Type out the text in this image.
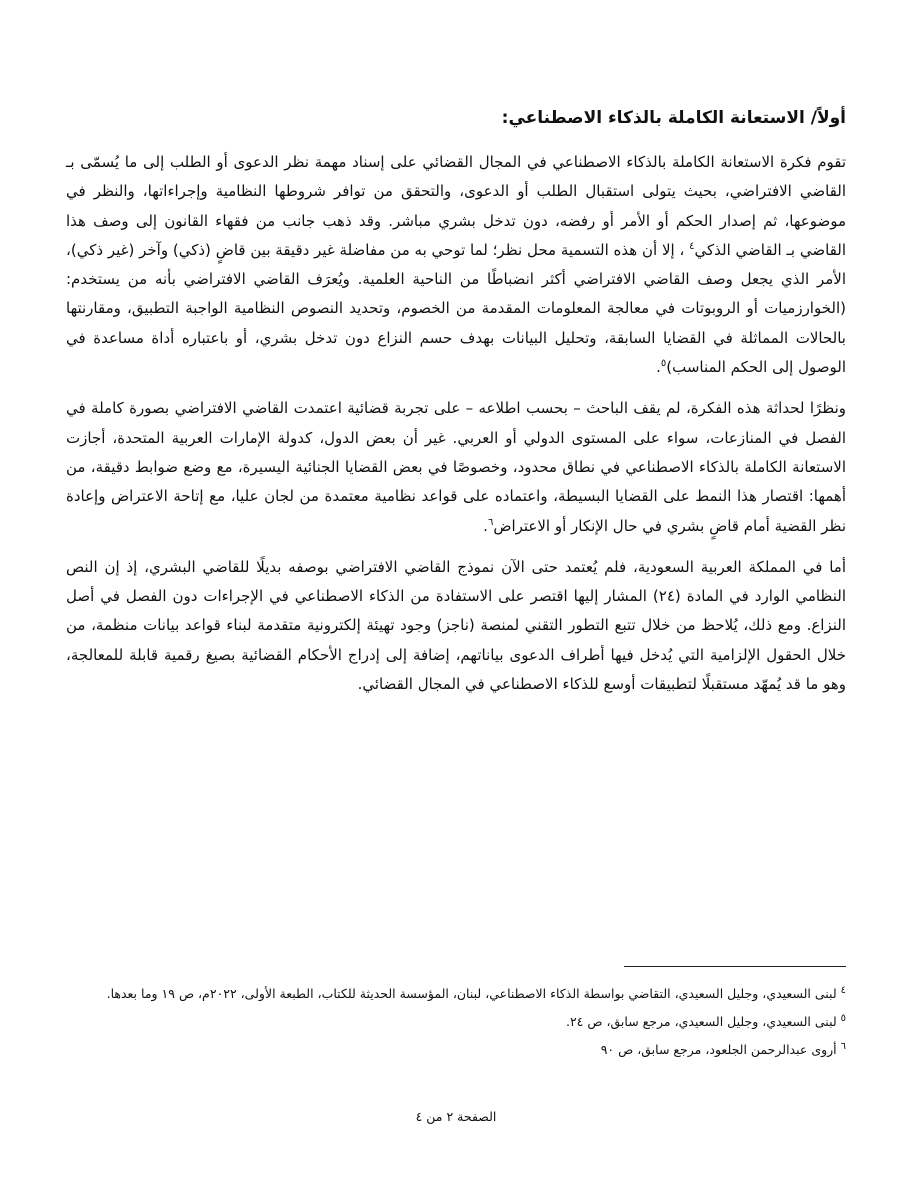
أولاً/ الاستعانة الكاملة بالذكاء الاصطناعي:

تقوم فكرة الاستعانة الكاملة بالذكاء الاصطناعي في المجال القضائي على إسناد مهمة نظر الدعوى أو الطلب إلى ما يُسمّى بـ القاضي الافتراضي، بحيث يتولى استقبال الطلب أو الدعوى، والتحقق من توافر شروطها النظامية وإجراءاتها، والنظر في موضوعها، ثم إصدار الحكم أو الأمر أو رفضه، دون تدخل بشري مباشر. وقد ذهب جانب من فقهاء القانون إلى وصف هذا القاضي بـ القاضي الذكي$^٤$ ، إلا أن هذه التسمية محل نظر؛ لما توحي به من مفاضلة غير دقيقة بين قاضٍ (ذكي) وآخر (غير ذكي)، الأمر الذي يجعل وصف القاضي الافتراضي أكثر انضباطًا من الناحية العلمية. ويُعرَف القاضي الافتراضي بأنه من يستخدم: (الخوارزميات أو الروبوتات في معالجة المعلومات المقدمة من الخصوم، وتحديد النصوص النظامية الواجبة التطبيق، ومقارنتها بالحالات المماثلة في القضايا السابقة، وتحليل البيانات بهدف حسم النزاع دون تدخل بشري، أو باعتباره أداة مساعدة في الوصول إلى الحكم المناسب)$^٥$.

ونظرًا لحداثة هذه الفكرة، لم يقف الباحث – بحسب اطلاعه – على تجربة قضائية اعتمدت القاضي الافتراضي بصورة كاملة في الفصل في المنازعات، سواء على المستوى الدولي أو العربي. غير أن بعض الدول، كدولة الإمارات العربية المتحدة، أجازت الاستعانة الكاملة بالذكاء الاصطناعي في نطاق محدود، وخصوصًا في بعض القضايا الجنائية اليسيرة، مع وضع ضوابط دقيقة، من أهمها: اقتصار هذا النمط على القضايا البسيطة، واعتماده على قواعد نظامية معتمدة من لجان عليا، مع إتاحة الاعتراض وإعادة نظر القضية أمام قاضٍ بشري في حال الإنكار أو الاعتراض$^٦$.

أما في المملكة العربية السعودية، فلم يُعتمد حتى الآن نموذج القاضي الافتراضي بوصفه بديلًا للقاضي البشري، إذ إن النص النظامي الوارد في المادة (٢٤) المشار إليها اقتصر على الاستفادة من الذكاء الاصطناعي في الإجراءات دون الفصل في أصل النزاع. ومع ذلك، يُلاحظ من خلال تتبع التطور التقني لمنصة (ناجز) وجود تهيئة إلكترونية متقدمة لبناء قواعد بيانات منظمة، من خلال الحقول الإلزامية التي يُدخل فيها أطراف الدعوى بياناتهم، إضافة إلى إدراج الأحكام القضائية بصيغ رقمية قابلة للمعالجة، وهو ما قد يُمهّد مستقبلًا لتطبيقات أوسع للذكاء الاصطناعي في المجال القضائي.

$^٤$ لبنى السعيدي، وجليل السعيدي، التقاضي بواسطة الذكاء الاصطناعي، لبنان، المؤسسة الحديثة للكتاب، الطبعة الأولى، ٢٠٢٢م، ص ١٩ وما بعدها.

$^٥$ لبنى السعيدي، وجليل السعيدي، مرجع سابق، ص ٢٤.

$^٦$ أروى عبدالرحمن الجلعود، مرجع سابق، ص ٩٠

الصفحة ٢ من ٤
